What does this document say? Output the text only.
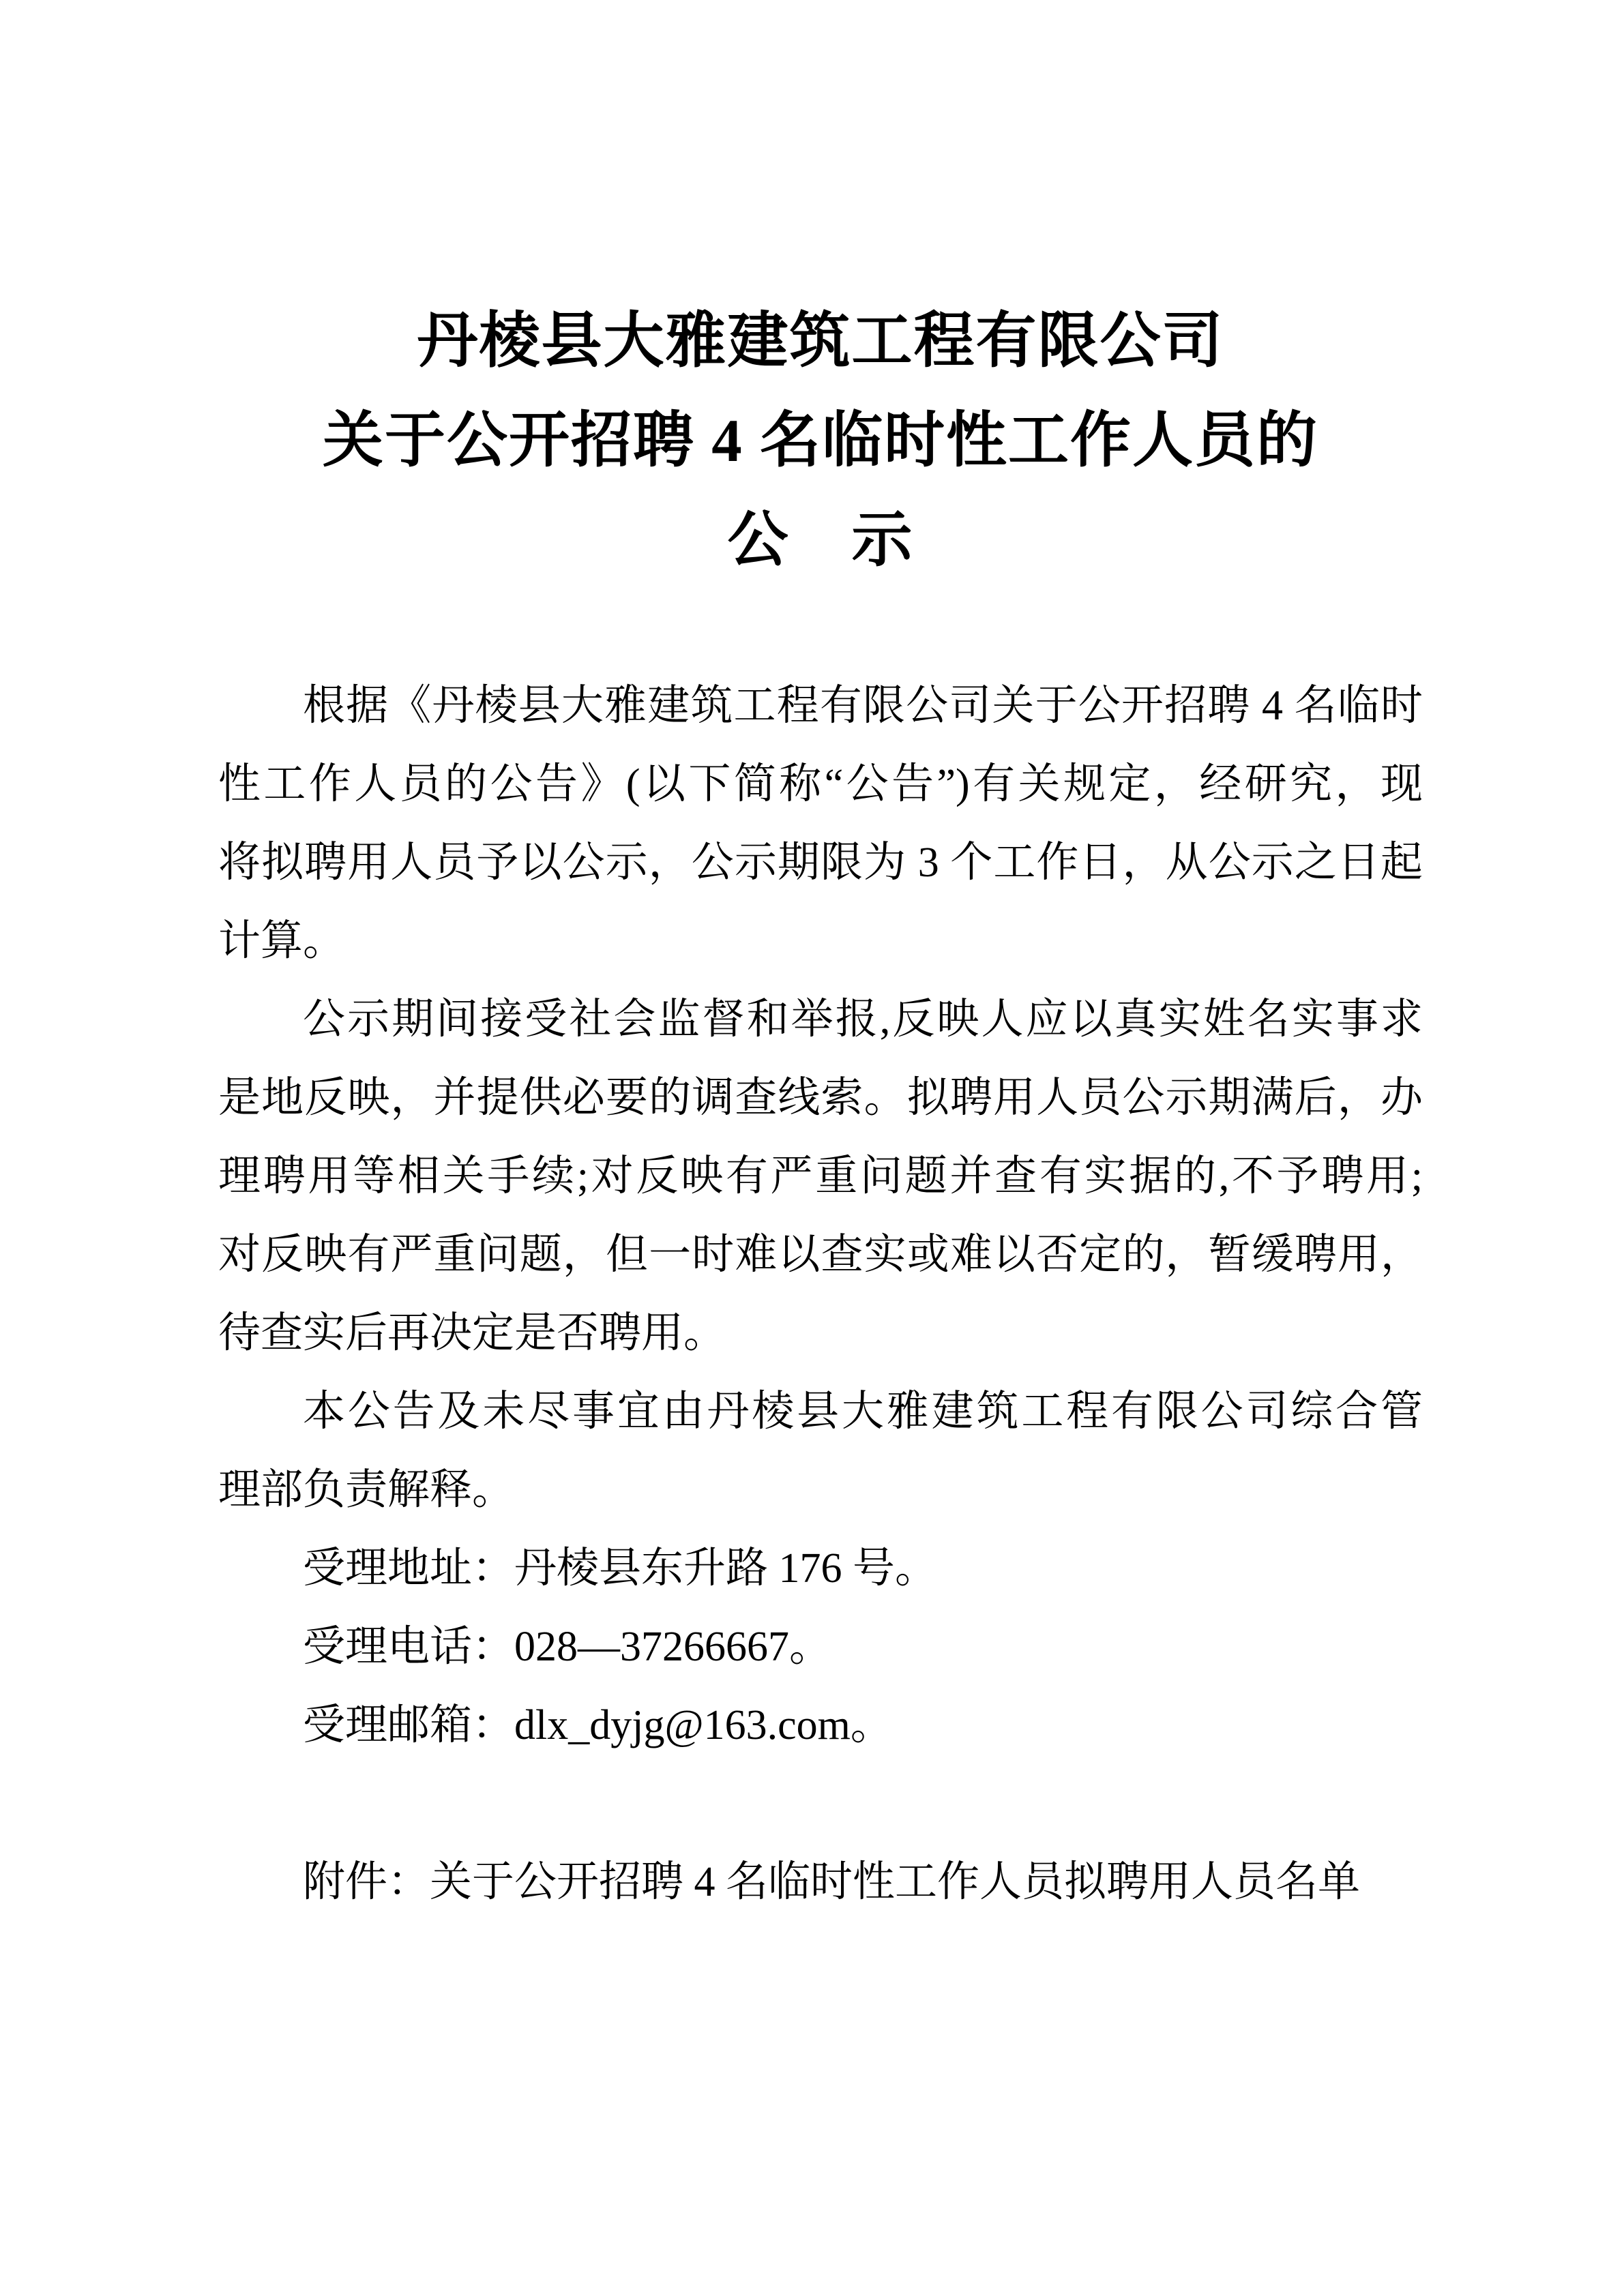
丹棱县大雅建筑工程有限公司
关于公开招聘 4 名临时性工作人员的
公　示
根据《丹棱县大雅建筑工程有限公司关于公开招聘 4 名临时
性工作人员的公告》(以下简称“公告”)有关规定，经研究，现
将拟聘用人员予以公示，公示期限为 3 个工作日，从公示之日起
计算。
公示期间接受社会监督和举报,反映人应以真实姓名实事求
是地反映，并提供必要的调查线索。拟聘用人员公示期满后，办
理聘用等相关手续;对反映有严重问题并查有实据的,不予聘用;
对反映有严重问题，但一时难以查实或难以否定的，暂缓聘用，
待查实后再决定是否聘用。
本公告及未尽事宜由丹棱县大雅建筑工程有限公司综合管
理部负责解释。
受理地址：丹棱县东升路 176 号。
受理电话：028—37266667。
受理邮箱：dlx_dyjg@163.com。
附件：关于公开招聘 4 名临时性工作人员拟聘用人员名单
